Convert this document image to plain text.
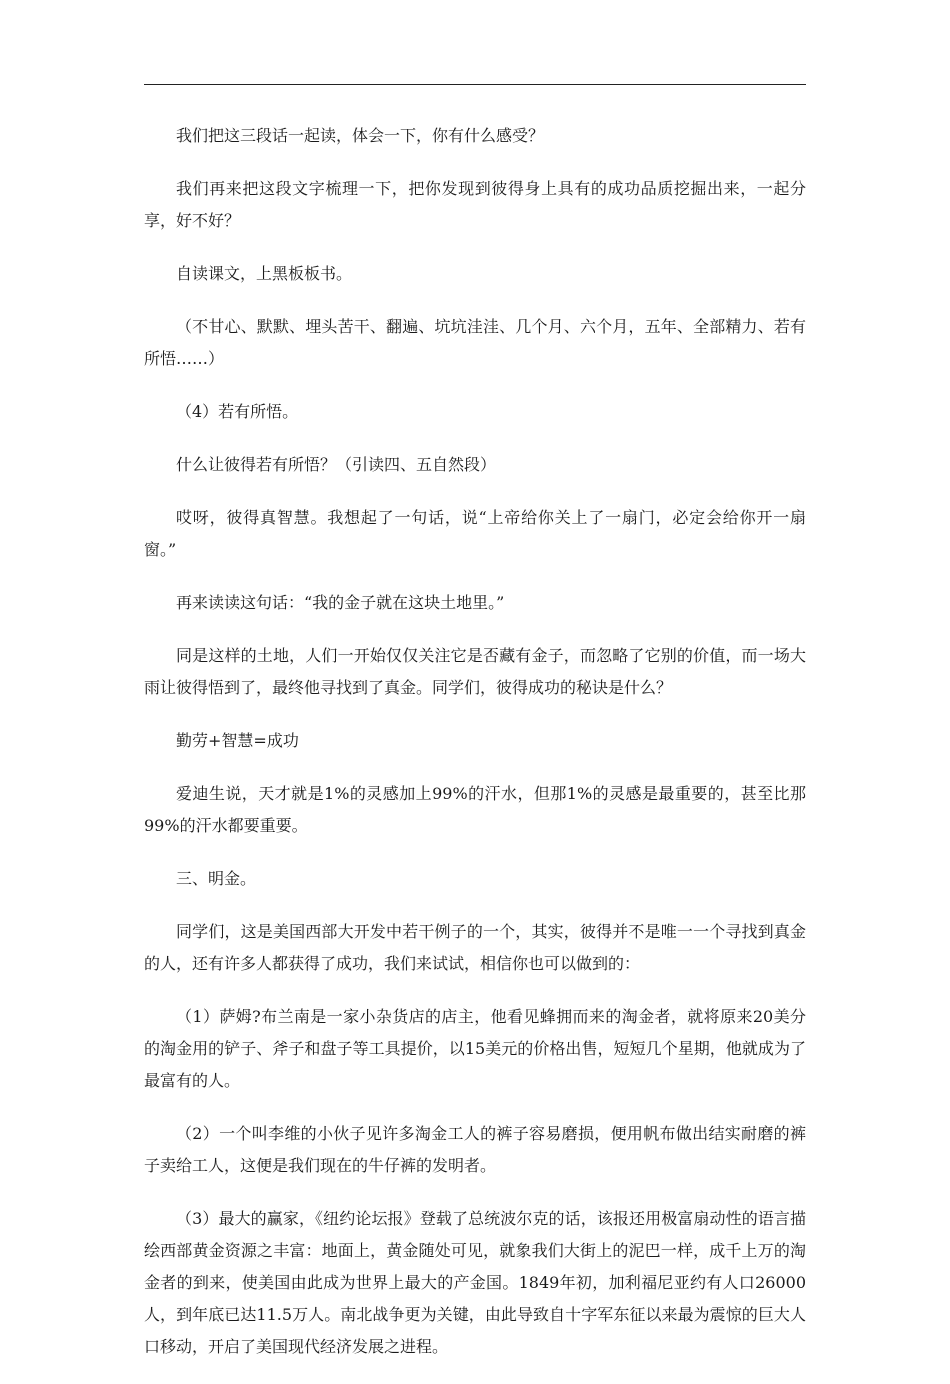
我们把这三段话一起读，体会一下，你有什么感受？

我们再来把这段文字梳理一下，把你发现到彼得身上具有的成功品质挖掘出来，一起分享，好不好？

自读课文，上黑板板书。

（不甘心、默默、埋头苦干、翻遍、坑坑洼洼、几个月、六个月，五年、全部精力、若有所悟……）

（4）若有所悟。

什么让彼得若有所悟？（引读四、五自然段）

哎呀，彼得真智慧。我想起了一句话，说“上帝给你关上了一扇门，必定会给你开一扇窗。”

再来读读这句话：“我的金子就在这块土地里。”

同是这样的土地，人们一开始仅仅关注它是否藏有金子，而忽略了它别的价值，而一场大雨让彼得悟到了，最终他寻找到了真金。同学们，彼得成功的秘诀是什么？

勤劳+智慧=成功

爱迪生说，天才就是1%的灵感加上99%的汗水，但那1%的灵感是最重要的，甚至比那99%的汗水都要重要。

三、明金。

同学们，这是美国西部大开发中若干例子的一个，其实，彼得并不是唯一一个寻找到真金的人，还有许多人都获得了成功，我们来试试，相信你也可以做到的：

（1）萨姆?布兰南是一家小杂货店的店主，他看见蜂拥而来的淘金者，就将原来20美分的淘金用的铲子、斧子和盘子等工具提价，以15美元的价格出售，短短几个星期，他就成为了最富有的人。

（2）一个叫李维的小伙子见许多淘金工人的裤子容易磨损，便用帆布做出结实耐磨的裤子卖给工人，这便是我们现在的牛仔裤的发明者。

（3）最大的赢家，《纽约论坛报》登载了总统波尔克的话，该报还用极富扇动性的语言描绘西部黄金资源之丰富：地面上，黄金随处可见，就象我们大街上的泥巴一样，成千上万的淘金者的到来，使美国由此成为世界上最大的产金国。1849年初，加利福尼亚约有人口26000人，到年底已达11.5万人。南北战争更为关键，由此导致自十字军东征以来最为震惊的巨大人口移动，开启了美国现代经济发展之进程。
